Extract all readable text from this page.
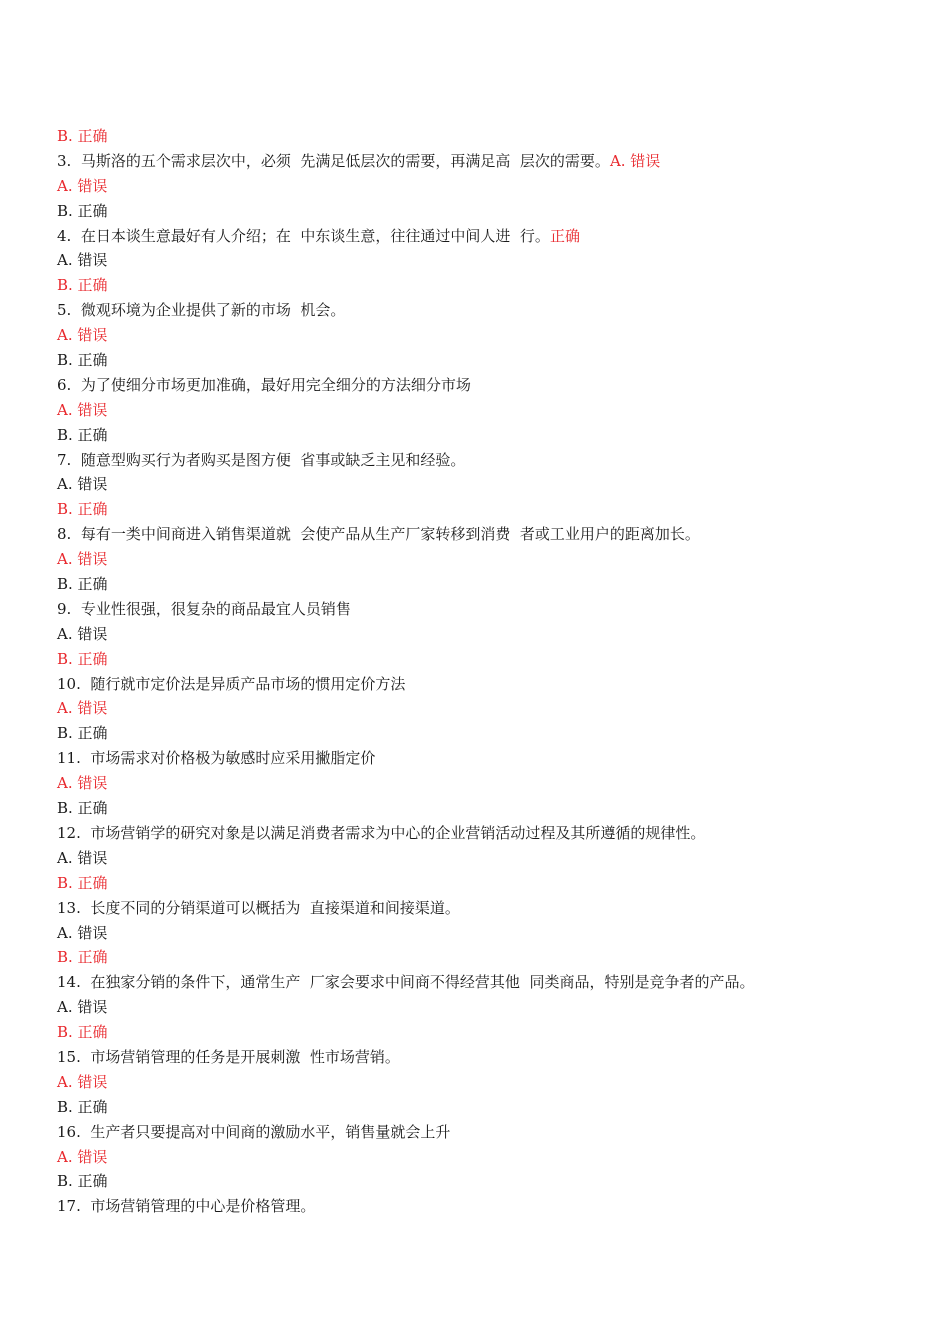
B. 正确
3.  马斯洛的五个需求层次中，必须  先满足低层次的需要，再满足高  层次的需要。A. 错误
A. 错误
B. 正确
4.  在日本谈生意最好有人介绍；在  中东谈生意，往往通过中间人进  行。正确
A. 错误
B. 正确
5.  微观环境为企业提供了新的市场  机会。
A. 错误
B. 正确
6.  为了使细分市场更加准确，最好用完全细分的方法细分市场
A. 错误
B. 正确
7.  随意型购买行为者购买是图方便  省事或缺乏主见和经验。
A. 错误
B. 正确
8.  每有一类中间商进入销售渠道就  会使产品从生产厂家转移到消费  者或工业用户的距离加长。
A. 错误
B. 正确
9.  专业性很强，很复杂的商品最宜人员销售
A. 错误
B. 正确
10.  随行就市定价法是异质产品市场的惯用定价方法
A. 错误
B. 正确
11.  市场需求对价格极为敏感时应采用撇脂定价
A. 错误
B. 正确
12.  市场营销学的研究对象是以满足消费者需求为中心的企业营销活动过程及其所遵循的规律性。
A. 错误
B. 正确
13.  长度不同的分销渠道可以概括为  直接渠道和间接渠道。
A. 错误
B. 正确
14.  在独家分销的条件下，通常生产  厂家会要求中间商不得经营其他  同类商品，特别是竞争者的产品。
A. 错误
B. 正确
15.  市场营销管理的任务是开展刺激  性市场营销。
A. 错误
B. 正确
16.  生产者只要提高对中间商的激励水平，销售量就会上升
A. 错误
B. 正确
17.  市场营销管理的中心是价格管理。
